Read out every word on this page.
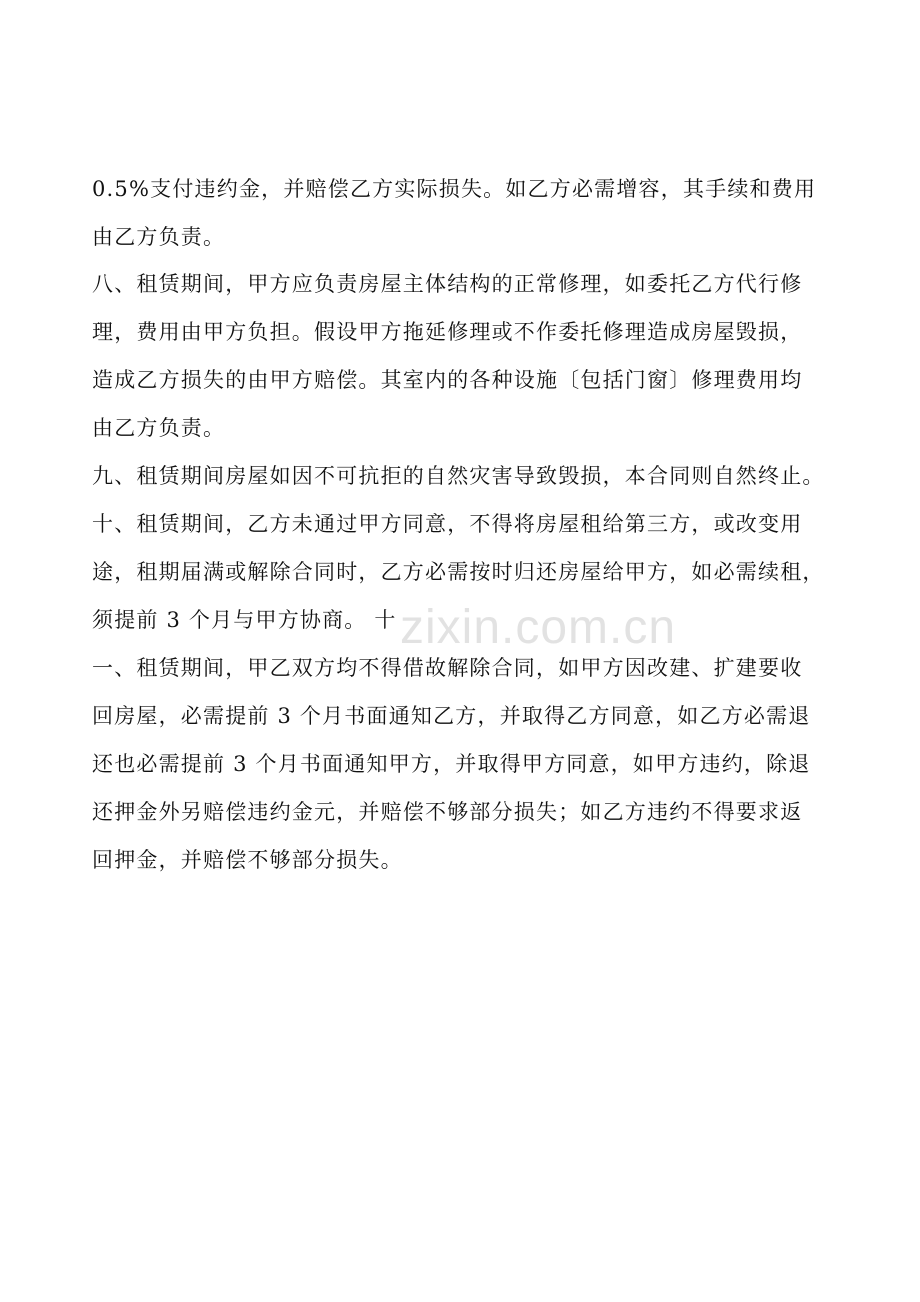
0.5%支付违约金，并赔偿乙方实际损失。如乙方必需增容，其手续和费用
由乙方负责。
八、租赁期间，甲方应负责房屋主体结构的正常修理，如委托乙方代行修
理，费用由甲方负担。假设甲方拖延修理或不作委托修理造成房屋毁损，
造成乙方损失的由甲方赔偿。其室内的各种设施〔包括门窗〕修理费用均
由乙方负责。
九、租赁期间房屋如因不可抗拒的自然灾害导致毁损，本合同则自然终止。
十、租赁期间，乙方未通过甲方同意，不得将房屋租给第三方，或改变用
途，租期届满或解除合同时，乙方必需按时归还房屋给甲方，如必需续租，
须提前 3 个月与甲方协商。 十
一、租赁期间，甲乙双方均不得借故解除合同，如甲方因改建、扩建要收
回房屋，必需提前 3 个月书面通知乙方，并取得乙方同意，如乙方必需退
还也必需提前 3 个月书面通知甲方，并取得甲方同意，如甲方违约，除退
还押金外另赔偿违约金元，并赔偿不够部分损失；如乙方违约不得要求返
回押金，并赔偿不够部分损失。
zixin.com.cn
